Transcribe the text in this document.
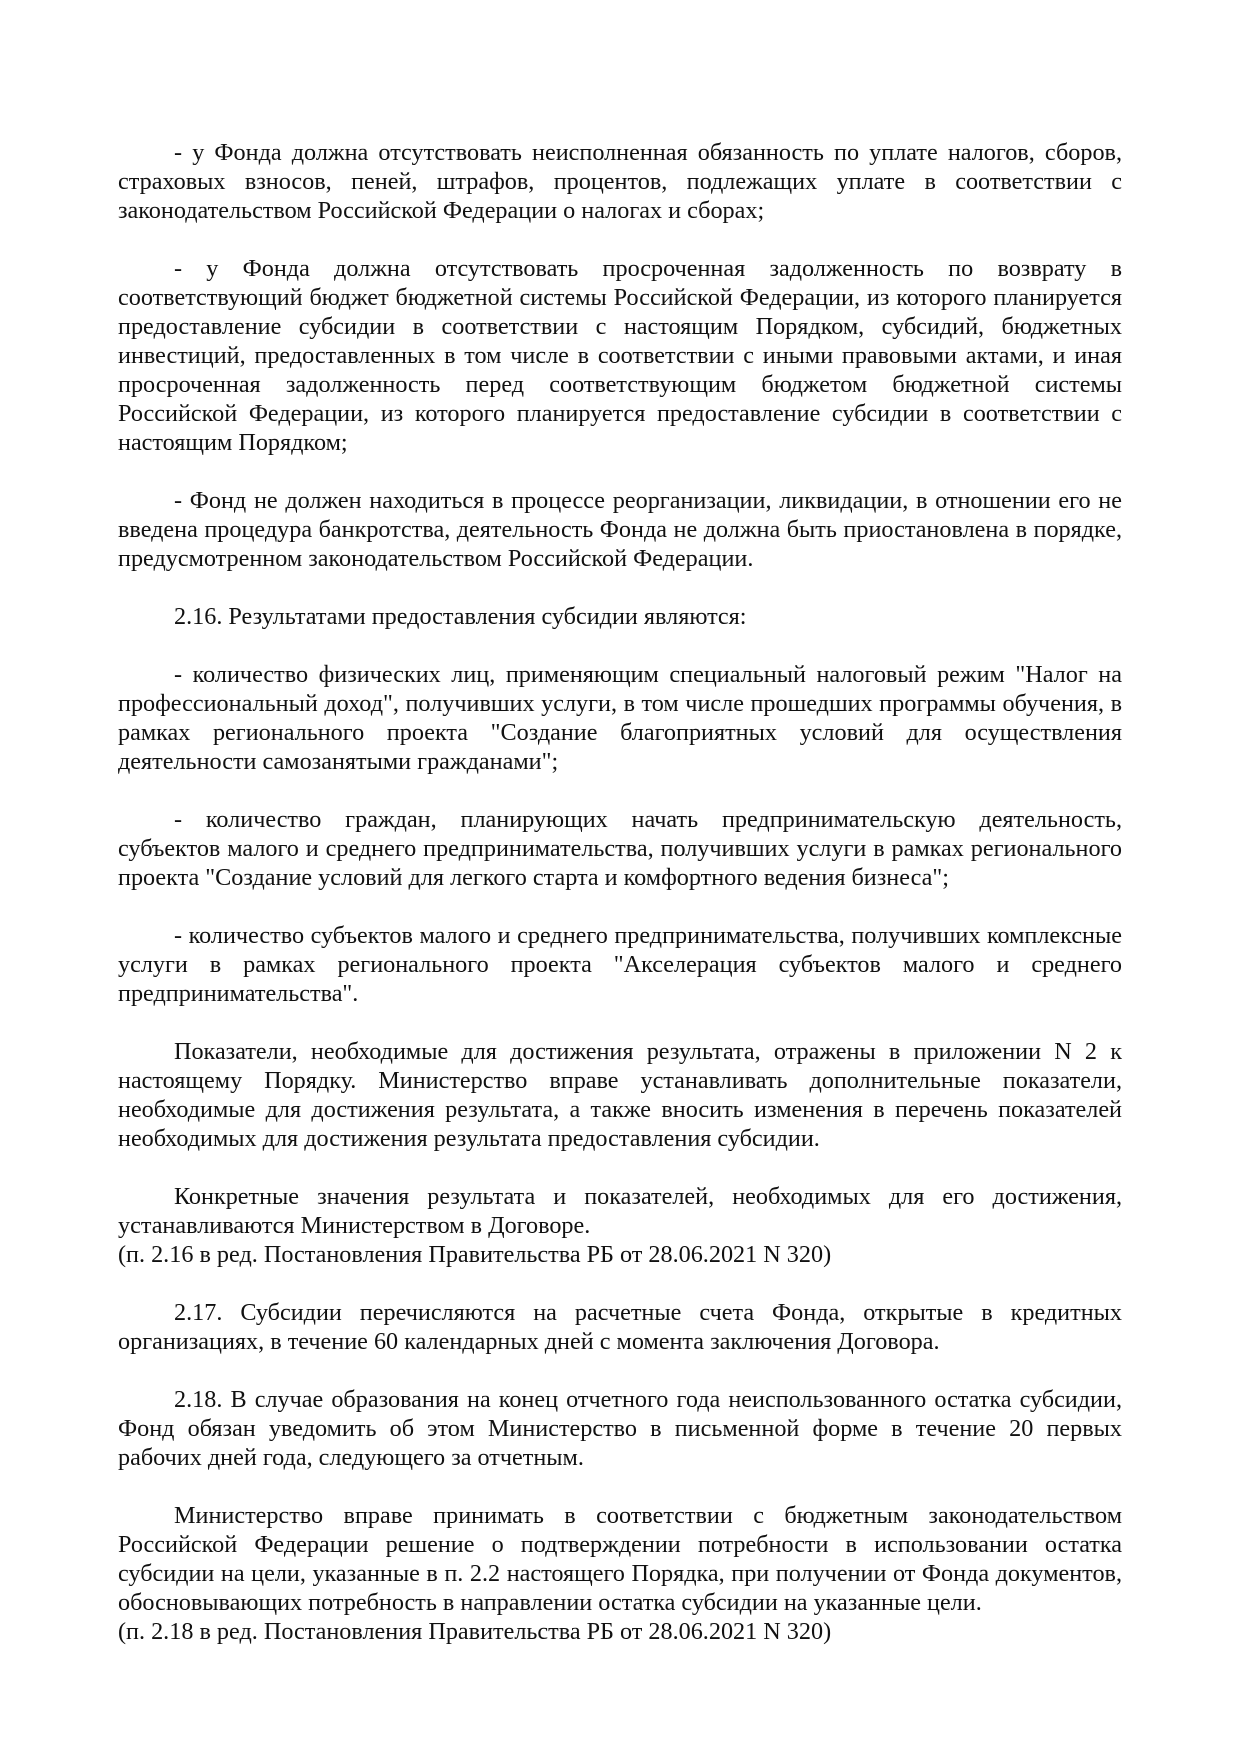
- у Фонда должна отсутствовать неисполненная обязанность по уплате налогов, сборов, страховых взносов, пеней, штрафов, процентов, подлежащих уплате в соответствии с законодательством Российской Федерации о налогах и сборах;

- у Фонда должна отсутствовать просроченная задолженность по возврату в соответствующий бюджет бюджетной системы Российской Федерации, из которого планируется предоставление субсидии в соответствии с настоящим Порядком, субсидий, бюджетных инвестиций, предоставленных в том числе в соответствии с иными правовыми актами, и иная просроченная задолженность перед соответствующим бюджетом бюджетной системы Российской Федерации, из которого планируется предоставление субсидии в соответствии с настоящим Порядком;

- Фонд не должен находиться в процессе реорганизации, ликвидации, в отношении его не введена процедура банкротства, деятельность Фонда не должна быть приостановлена в порядке, предусмотренном законодательством Российской Федерации.

2.16. Результатами предоставления субсидии являются:

- количество физических лиц, применяющим специальный налоговый режим "Налог на профессиональный доход", получивших услуги, в том числе прошедших программы обучения, в рамках регионального проекта "Создание благоприятных условий для осуществления деятельности самозанятыми гражданами";

- количество граждан, планирующих начать предпринимательскую деятельность, субъектов малого и среднего предпринимательства, получивших услуги в рамках регионального проекта "Создание условий для легкого старта и комфортного ведения бизнеса";

- количество субъектов малого и среднего предпринимательства, получивших комплексные услуги в рамках регионального проекта "Акселерация субъектов малого и среднего предпринимательства".

Показатели, необходимые для достижения результата, отражены в приложении N 2 к настоящему Порядку. Министерство вправе устанавливать дополнительные показатели, необходимые для достижения результата, а также вносить изменения в перечень показателей необходимых для достижения результата предоставления субсидии.

Конкретные значения результата и показателей, необходимых для его достижения, устанавливаются Министерством в Договоре.

(п. 2.16 в ред. Постановления Правительства РБ от 28.06.2021 N 320)

2.17. Субсидии перечисляются на расчетные счета Фонда, открытые в кредитных организациях, в течение 60 календарных дней с момента заключения Договора.

2.18. В случае образования на конец отчетного года неиспользованного остатка субсидии, Фонд обязан уведомить об этом Министерство в письменной форме в течение 20 первых рабочих дней года, следующего за отчетным.

Министерство вправе принимать в соответствии с бюджетным законодательством Российской Федерации решение о подтверждении потребности в использовании остатка субсидии на цели, указанные в п. 2.2 настоящего Порядка, при получении от Фонда документов, обосновывающих потребность в направлении остатка субсидии на указанные цели.

(п. 2.18 в ред. Постановления Правительства РБ от 28.06.2021 N 320)
